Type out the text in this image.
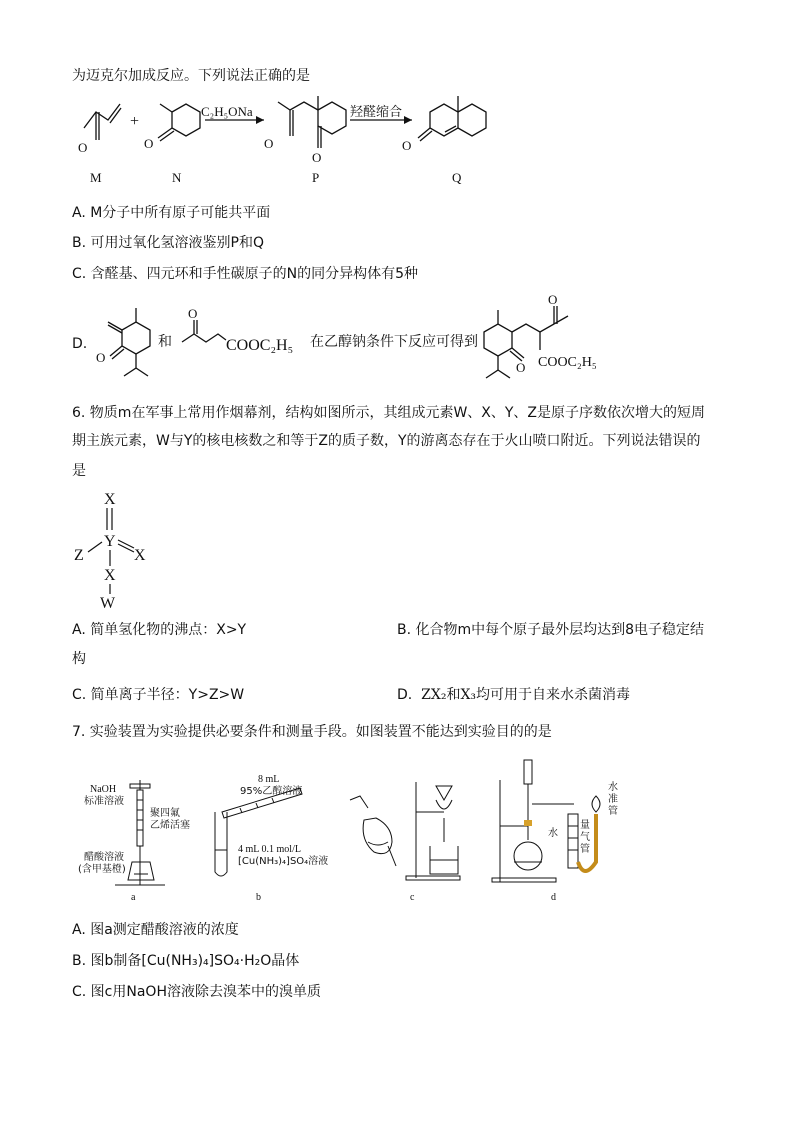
为迈克尔加成反应。下列说法正确的是
O
+
O
C₂H₅ONa
O
O
羟醛缩合
O
M	N	P	Q
A. M分子中所有原子可能共平面
B. 可用过氧化氢溶液鉴别P和Q
C. 含醛基、四元环和手性碳原子的N的同分异构体有5种
D.
O
和
O
COOC₂H₅ 在乙醇钠条件下反应可得到
O
O COOC₂H₅
6. 物质m在军事上常用作烟幕剂，结构如图所示，其组成元素W、X、Y、Z是原子序数依次增大的短周
期主族元素，W与Y的核电核数之和等于Z的质子数，Y的游离态存在于火山喷口附近。下列说法错误的
是
X
Y
Z	X
X
W
A. 简单氢化物的沸点：X>Y	B. 化合物m中每个原子最外层均达到8电子稳定结
构
C. 简单离子半径：Y>Z>W	D. ZX₂和X₃均可用于自来水杀菌消毒
7. 实验装置为实验提供必要条件和测量手段。如图装置不能达到实验目的的是
NaOH
标准溶液
聚四氟
乙烯活塞
醋酸溶液
(含甲基橙)
a
8 mL
95%乙醇溶液
4 mL 0.1 mol/L
[Cu(NH₃)₄]SO₄溶液
b	c
水
量
气
管
水
准
管
d
A. 图a测定醋酸溶液的浓度
B. 图b制备[Cu(NH₃)₄]SO₄·H₂O晶体
C. 图c用NaOH溶液除去溴苯中的溴单质
